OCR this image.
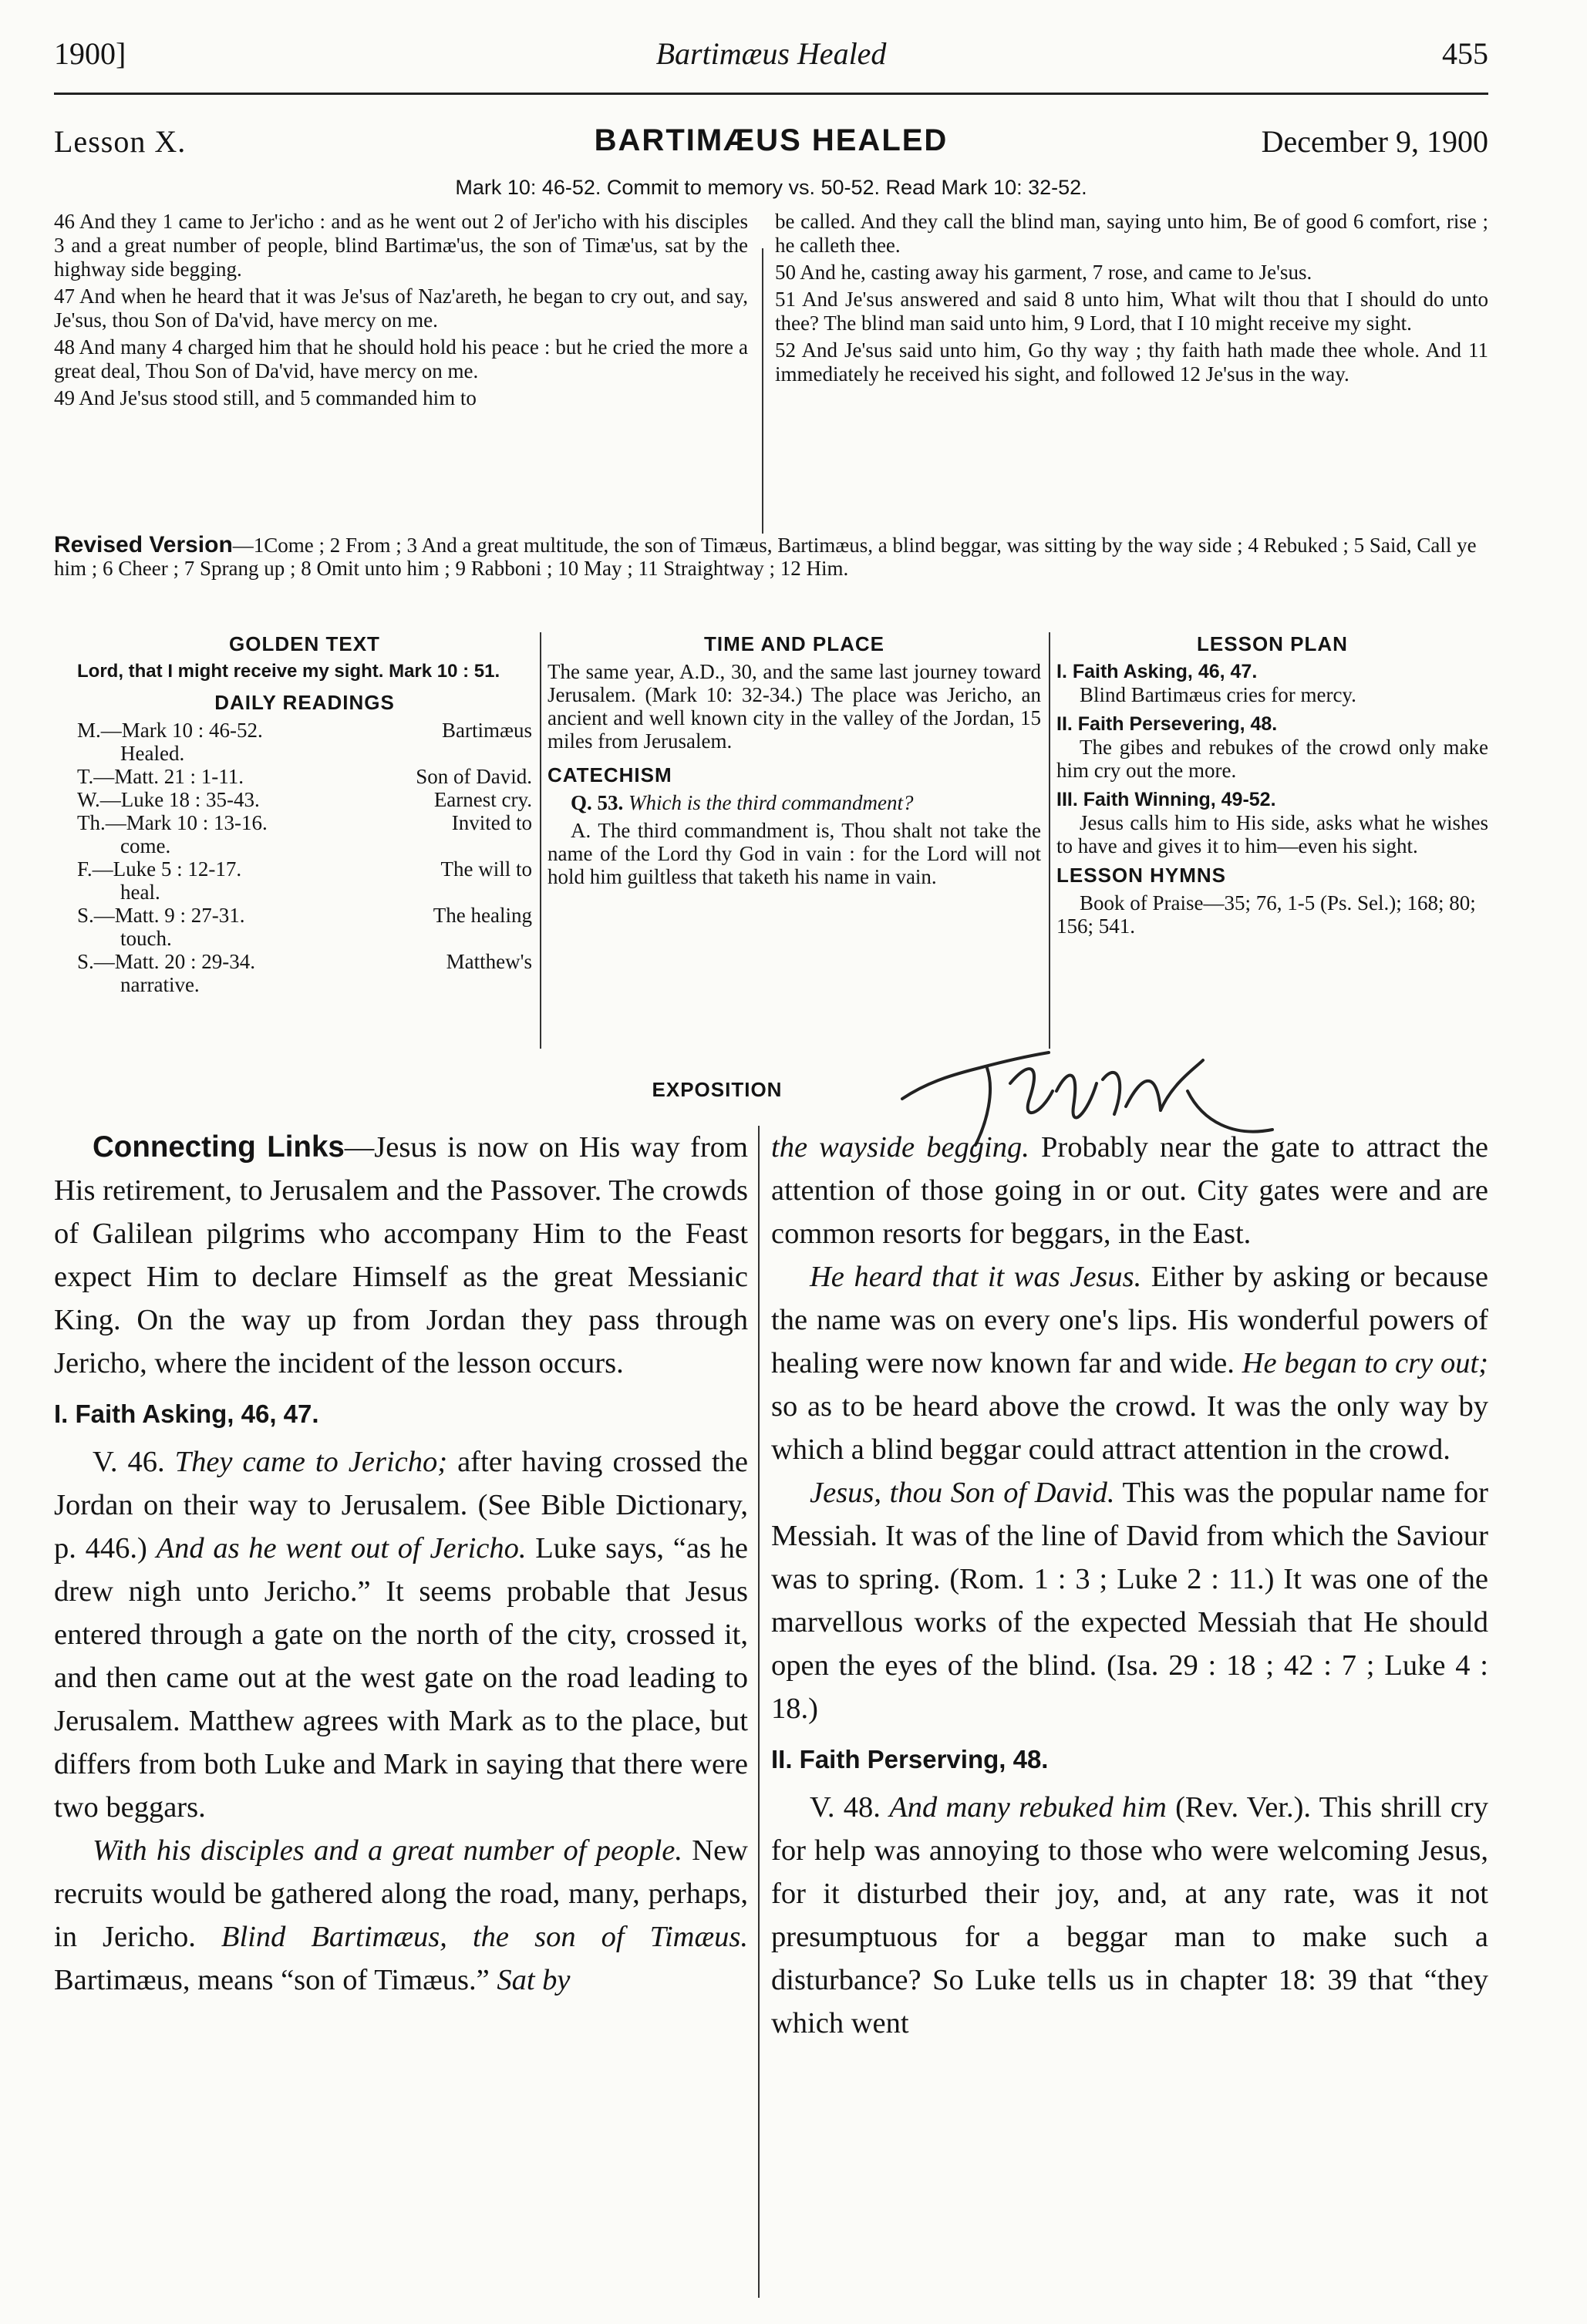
1900]	Bartimæus Healed	455
Lesson X.	BARTIMÆUS HEALED	December 9, 1900
Mark 10: 46-52. Commit to memory vs. 50-52. Read Mark 10: 32-52.

46 And they 1 came to Jer'icho : and as he went out 2 of Jer'icho with his disciples 3 and a great number of people, blind Bartimæ'us, the son of Timæ'us, sat by the highway side begging.

47 And when he heard that it was Je'sus of Naz'areth, he began to cry out, and say, Je'sus, thou Son of Da'vid, have mercy on me.

48 And many 4 charged him that he should hold his peace : but he cried the more a great deal, Thou Son of Da'vid, have mercy on me.

49 And Je'sus stood still, and 5 commanded him to

be called. And they call the blind man, saying unto him, Be of good 6 comfort, rise ; he calleth thee.

50 And he, casting away his garment, 7 rose, and came to Je'sus.

51 And Je'sus answered and said 8 unto him, What wilt thou that I should do unto thee? The blind man said unto him, 9 Lord, that I 10 might receive my sight.

52 And Je'sus said unto him, Go thy way ; thy faith hath made thee whole. And 11 immediately he received his sight, and followed 12 Je'sus in the way.

Revised Version—1Come ; 2 From ; 3 And a great multitude, the son of Timæus, Bartimæus, a blind beggar, was sitting by the way side ; 4 Rebuked ; 5 Said, Call ye him ; 6 Cheer ; 7 Sprang up ; 8 Omit unto him ; 9 Rabboni ; 10 May ; 11 Straightway ; 12 Him.
GOLDEN TEXT
Lord, that I might receive my sight. Mark 10 : 51.
DAILY READINGS
M.—Mark 10 : 46-52.	Bartimæus
Healed.
T.—Matt. 21 : 1-11.	Son of David.
W.—Luke 18 : 35-43.	Earnest cry.
Th.—Mark 10 : 13-16.	Invited to
come.
F.—Luke 5 : 12-17.	The will to
heal.
S.—Matt. 9 : 27-31.	The healing
touch.
S.—Matt. 20 : 29-34.	Matthew's
narrative.
TIME AND PLACE
The same year, A.D., 30, and the same last journey toward Jerusalem. (Mark 10: 32-34.) The place was Jericho, an ancient and well known city in the valley of the Jordan, 15 miles from Jerusalem.
CATECHISM
Q. 53. Which is the third commandment?
A. The third commandment is, Thou shalt not take the name of the Lord thy God in vain : for the Lord will not hold him guiltless that taketh his name in vain.
LESSON PLAN
I. Faith Asking, 46, 47.
Blind Bartimæus cries for mercy.
II. Faith Persevering, 48.
The gibes and rebukes of the crowd only make him cry out the more.
III. Faith Winning, 49-52.
Jesus calls him to His side, asks what he wishes to have and gives it to him—even his sight.
LESSON HYMNS
Book of Praise—35; 76, 1-5 (Ps. Sel.); 168; 80; 156; 541.
EXPOSITION

Connecting Links—Jesus is now on His way from His retirement, to Jerusalem and the Passover. The crowds of Galilean pilgrims who accompany Him to the Feast expect Him to declare Himself as the great Messianic King. On the way up from Jordan they pass through Jericho, where the incident of the lesson occurs.

I. Faith Asking, 46, 47.

V. 46. They came to Jericho; after having crossed the Jordan on their way to Jerusalem. (See Bible Dictionary, p. 446.) And as he went out of Jericho. Luke says, “as he drew nigh unto Jericho.” It seems probable that Jesus entered through a gate on the north of the city, crossed it, and then came out at the west gate on the road leading to Jerusalem. Matthew agrees with Mark as to the place, but differs from both Luke and Mark in saying that there were two beggars.

With his disciples and a great number of people. New recruits would be gathered along the road, many, perhaps, in Jericho. Blind Bartimæus, the son of Timæus. Bartimæus, means “son of Timæus.” Sat by

the wayside begging. Probably near the gate to attract the attention of those going in or out. City gates were and are common resorts for beggars, in the East.

He heard that it was Jesus. Either by asking or because the name was on every one's lips. His wonderful powers of healing were now known far and wide. He began to cry out; so as to be heard above the crowd. It was the only way by which a blind beggar could attract attention in the crowd.

Jesus, thou Son of David. This was the popular name for Messiah. It was of the line of David from which the Saviour was to spring. (Rom. 1 : 3 ; Luke 2 : 11.) It was one of the marvellous works of the expected Messiah that He should open the eyes of the blind. (Isa. 29 : 18 ; 42 : 7 ; Luke 4 : 18.)

II. Faith Perserving, 48.

V. 48. And many rebuked him (Rev. Ver.). This shrill cry for help was annoying to those who were welcoming Jesus, for it disturbed their joy, and, at any rate, was it not presumptuous for a beggar man to make such a disturbance? So Luke tells us in chapter 18: 39 that “they which went
